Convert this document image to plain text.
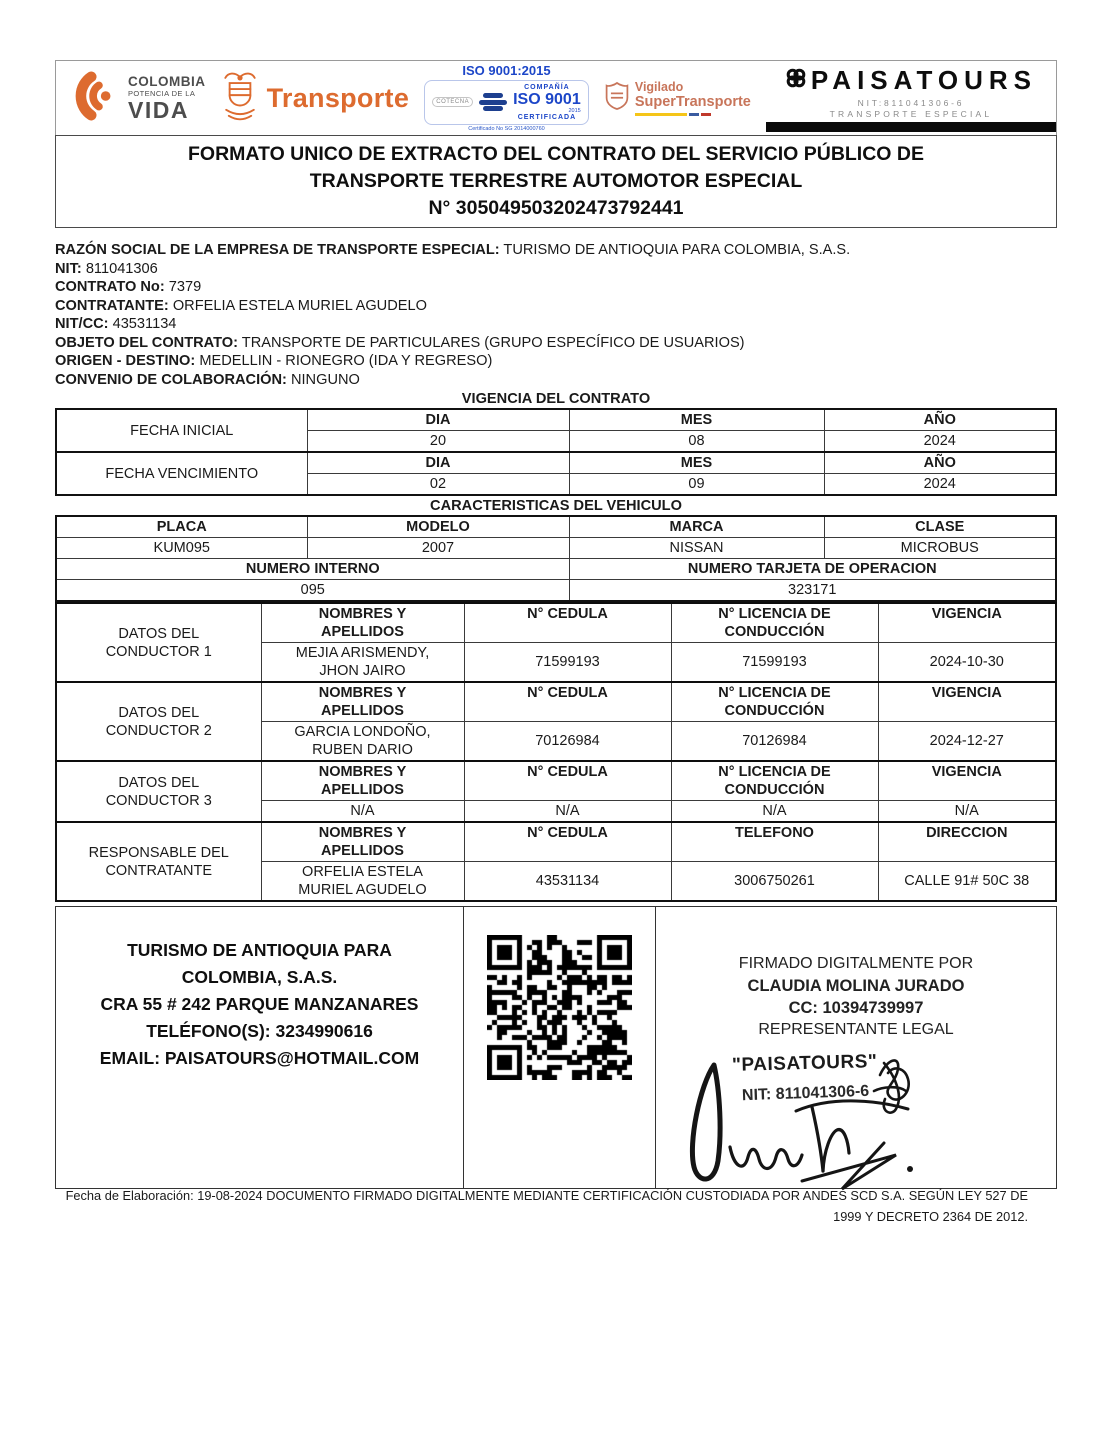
COLOMBIA
POTENCIA DE LA
VIDA	Transporte
ISO 9001:2015
COTECNA
COMPAÑÍA
ISO 9001
2015
CERTIFICADA
Certificado No SG 2014000760
Vigilado
SuperTransporte
PAISATOURS
NIT:811041306-6
TRANSPORTE ESPECIAL
FORMATO UNICO DE EXTRACTO DEL CONTRATO DEL SERVICIO PÚBLICO DE
TRANSPORTE TERRESTRE AUTOMOTOR ESPECIAL
N° 305049503202473792441
RAZÓN SOCIAL DE LA EMPRESA DE TRANSPORTE ESPECIAL: TURISMO DE ANTIOQUIA PARA COLOMBIA, S.A.S.
NIT: 811041306
CONTRATO No: 7379
CONTRATANTE: ORFELIA ESTELA MURIEL AGUDELO
NIT/CC: 43531134
OBJETO DEL CONTRATO: TRANSPORTE DE PARTICULARES (GRUPO ESPECÍFICO DE USUARIOS)
ORIGEN - DESTINO: MEDELLIN - RIONEGRO (IDA Y REGRESO)
CONVENIO DE COLABORACIÓN: NINGUNO
VIGENCIA DEL CONTRATO
FECHA INICIAL	DIA	MES	AÑO
	20	08	2024
FECHA VENCIMIENTO	DIA	MES	AÑO
	02	09	2024
CARACTERISTICAS DEL VEHICULO
PLACA	MODELO	MARCA	CLASE
KUM095	2007	NISSAN	MICROBUS
NUMERO INTERNO		NUMERO TARJETA DE OPERACION	
095		323171	
DATOS DEL CONDUCTOR 1	NOMBRES Y APELLIDOS	N° CEDULA	N° LICENCIA DE CONDUCCIÓN	VIGENCIA
	MEJIA ARISMENDY, JHON JAIRO	71599193	71599193	2024-10-30
DATOS DEL CONDUCTOR 2	NOMBRES Y APELLIDOS	N° CEDULA	N° LICENCIA DE CONDUCCIÓN	VIGENCIA
	GARCIA LONDOÑO, RUBEN DARIO	70126984	70126984	2024-12-27
DATOS DEL CONDUCTOR 3	NOMBRES Y APELLIDOS	N° CEDULA	N° LICENCIA DE CONDUCCIÓN	VIGENCIA
	N/A	N/A	N/A	N/A
RESPONSABLE DEL CONTRATANTE	NOMBRES Y APELLIDOS	N° CEDULA	TELEFONO	DIRECCION
	ORFELIA ESTELA MURIEL AGUDELO	43531134	3006750261	CALLE 91# 50C 38
TURISMO DE ANTIOQUIA PARA COLOMBIA, S.A.S.
CRA 55 # 242 PARQUE MANZANARES
TELÉFONO(S): 3234990616
EMAIL: PAISATOURS@HOTMAIL.COM
FIRMADO DIGITALMENTE POR
CLAUDIA MOLINA JURADO
CC: 10394739997
REPRESENTANTE LEGAL
"PAISATOURS"
NIT: 811041306-6
Fecha de Elaboración: 19-08-2024 DOCUMENTO FIRMADO DIGITALMENTE MEDIANTE CERTIFICACIÓN CUSTODIADA POR ANDES SCD S.A. SEGÚN LEY 527 DE 1999 Y DECRETO 2364 DE 2012.
